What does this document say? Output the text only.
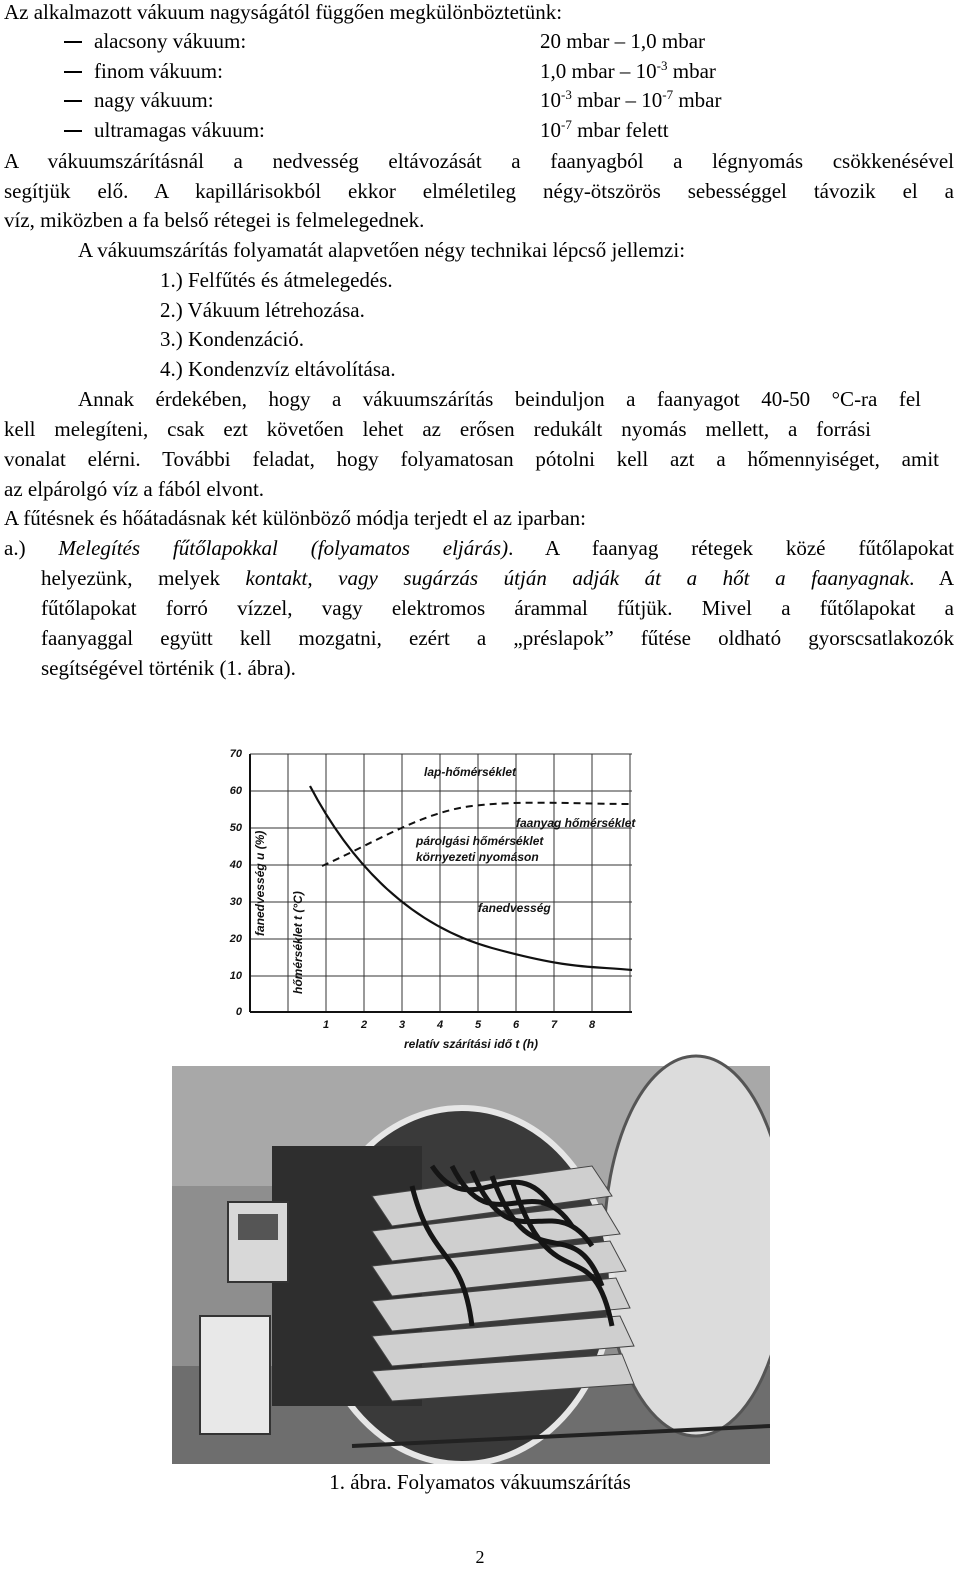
Az alkalmazott vákuum nagyságától függően megkülönböztetünk:
alacsony vákuum:	20 mbar – 1,0 mbar
finom vákuum:	1,0 mbar – $10^{-3}$ mbar
nagy vákuum:	$10^{-3}$ mbar – $10^{-7}$ mbar
ultramagas vákuum:	$10^{-7}$ mbar felett
A vákuumszárításnál a nedvesség eltávozását a faanyagból a légnyomás csökkenésével
segítjük elő. A kapillárisokból ekkor elméletileg négy-ötszörös sebességgel távozik el a
víz, miközben a fa belső rétegei is felmelegednek.
A vákuumszárítás folyamatát alapvetően négy technikai lépcső jellemzi:
1.) Felfűtés és átmelegedés.
2.) Vákuum létrehozása.
3.) Kondenzáció.
4.) Kondenzvíz eltávolítása.
Annak érdekében, hogy a vákuumszárítás beinduljon a faanyagot 40-50 °C-ra fel
kell melegíteni, csak ezt követően lehet az erősen redukált nyomás mellett, a forrási
vonalat elérni. További feladat, hogy folyamatosan pótolni kell azt a hőmennyiséget, amit
az elpárolgó víz a fából elvont.
A fűtésnek és hőátadásnak két különböző módja terjedt el az iparban:
a.) Melegítés fűtőlapokkal (folyamatos eljárás). A faanyag rétegek közé fűtőlapokat
helyezünk, melyek kontakt, vagy sugárzás útján adják át a hőt a faanyagnak. A
fűtőlapokat forró vízzel, vagy elektromos árammal fűtjük. Mivel a fűtőlapokat a
faanyaggal együtt kell mozgatni, ezért a „préslapok” fűtése oldható gyorscsatlakozók
segítségével történik (1. ábra).
70
60
50
40
30
20
10
0
1	2	3	4	5	6	7	8
relatív szárítási idő t (h)
fanedvesség u (%)
hőmérséklet t (°C)
lap-hőmérséklet
faanyag hőmérséklet
párolgási hőmérséklet
környezeti nyomáson
fanedvesség
1. ábra. Folyamatos vákuumszárítás
2
